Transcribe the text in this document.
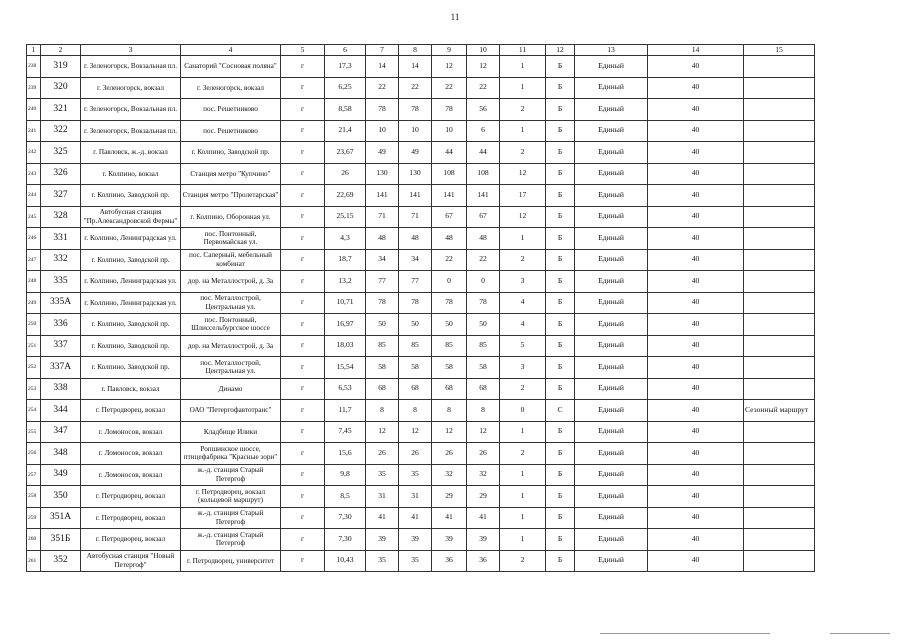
11
1	2	3	4	5	6	7	8	9	10	11	12	13	14	15
238	319	г. Зеленогорск, Вокзальная пл.	Санаторий "Сосновая поляна"	г	17,3	14	14	12	12	1	Б	Единый	40	
239	320	г. Зеленогорск, вокзал	г. Зеленогорск, вокзал	г	6,25	22	22	22	22	1	Б	Единый	40	
240	321	г. Зеленогорск, Вокзальная пл.	пос. Решетниково	г	8,58	78	78	78	56	2	Б	Единый	40	
241	322	г. Зеленогорск, Вокзальная пл.	пос. Решетниково	г	21,4	10	10	10	6	1	Б	Единый	40	
242	325	г. Павловск, ж.-д. вокзал	г. Колпино, Заводской пр.	г	23,67	49	49	44	44	2	Б	Единый	40	
243	326	г. Колпино, вокзал	Станция метро "Купчино"	г	26	130	130	108	108	12	Б	Единый	40	
244	327	г. Колпино, Заводской пр.	Станция метро "Пролетарская"	г	22,69	141	141	141	141	17	Б	Единый	40	
245	328	Автобусная станция "Пр.Александровской Фермы"	г. Колпино, Оборонная ул.	г	25,15	71	71	67	67	12	Б	Единый	40	
246	331	г. Колпино, Ленинградская ул.	пос. Понтонный, Первомайская ул.	г	4,3	48	48	48	48	1	Б	Единый	40	
247	332	г. Колпино, Заводской пр.	пос. Саперный, мебельный комбинат	г	18,7	34	34	22	22	2	Б	Единый	40	
248	335	г. Колпино, Ленинградская ул.	дор. на Металлострой, д. 3а	г	13,2	77	77	0	0	3	Б	Единый	40	
249	335А	г. Колпино, Ленинградская ул.	пос. Металлострой, Центральная ул.	г	10,71	78	78	78	78	4	Б	Единый	40	
250	336	г. Колпино, Заводской пр.	пос. Понтонный, Шлиссельбургское шоссе	г	16,97	50	50	50	50	4	Б	Единый	40	
251	337	г. Колпино, Заводской пр.	дор. на Металлострой, д. 3а	г	18,03	85	85	85	85	5	Б	Единый	40	
252	337А	г. Колпино, Заводской пр.	пос. Металлострой, Центральная ул.	г	15,54	58	58	58	58	3	Б	Единый	40	
253	338	г. Павловск, вокзал	Динамо	г	6,53	68	68	68	68	2	Б	Единый	40	
254	344	г. Петродворец, вокзал	ОАО "Петергофавтотранс"	г	11,7	8	8	8	8	0	С	Единый	40	Сезонный маршрут
255	347	г. Ломоносов, вокзал	Кладбище Илики	г	7,45	12	12	12	12	1	Б	Единый	40	
256	348	г. Ломоносов, вокзал	Ропшинское шоссе, птицефабрика "Красные зори"	г	15,6	26	26	26	26	2	Б	Единый	40	
257	349	г. Ломоносов, вокзал	ж.-д. станция Старый Петергоф	г	9,8	35	35	32	32	1	Б	Единый	40	
258	350	г. Петродворец, вокзал	г. Петродворец, вокзал (кольцевой маршрут)	г	8,5	31	31	29	29	1	Б	Единый	40	
259	351А	г. Петродворец, вокзал	ж.-д. станция Старый Петергоф	г	7,30	41	41	41	41	1	Б	Единый	40	
260	351Б	г. Петродворец, вокзал	ж.-д. станция Старый Петергоф	г	7,30	39	39	39	39	1	Б	Единый	40	
261	352	Автобусная станция "Новый Петергоф"	г. Петродворец, университет	г	10,43	35	35	36	36	2	Б	Единый	40	
